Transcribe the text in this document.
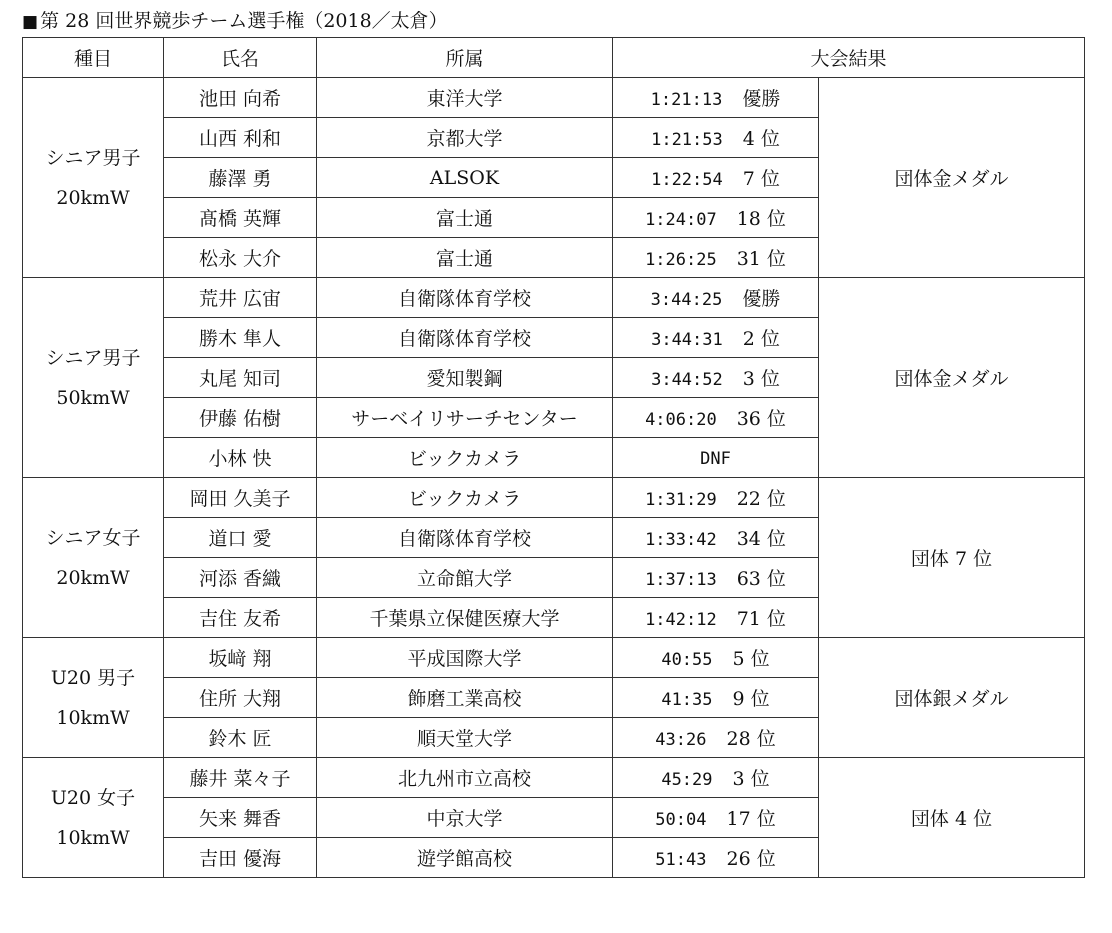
■ 第 28 回世界競歩チーム選手権（2018／太倉）
種目	氏名	所属	大会結果	

シニア男子
20kmW	池田 向希	東洋大学	1:21:13 優勝	団体金メダル
	山西 利和	京都大学	1:21:53 4 位	
	藤澤 勇	ALSOK	1:22:54 7 位	
	髙橋 英輝	富士通	1:24:07 18 位	
	松永 大介	富士通	1:26:25 31 位	

シニア男子
50kmW	荒井 広宙	自衛隊体育学校	3:44:25 優勝	団体金メダル
	勝木 隼人	自衛隊体育学校	3:44:31 2 位	
	丸尾 知司	愛知製鋼	3:44:52 3 位	
	伊藤 佑樹	サーベイリサーチセンター	4:06:20 36 位	
	小林 快	ビックカメラ	DNF	

シニア女子
20kmW	岡田 久美子	ビックカメラ	1:31:29 22 位	団体 7 位
	道口 愛	自衛隊体育学校	1:33:42 34 位	
	河添 香織	立命館大学	1:37:13 63 位	
	吉住 友希	千葉県立保健医療大学	1:42:12 71 位	

U20 男子
10kmW	坂﨑 翔	平成国際大学	40:55 5 位	団体銀メダル
	住所 大翔	飾磨工業高校	41:35 9 位	
	鈴木 匠	順天堂大学	43:26 28 位	

U20 女子
10kmW	藤井 菜々子	北九州市立高校	45:29 3 位	団体 4 位
	矢来 舞香	中京大学	50:04 17 位	
	吉田 優海	遊学館高校	51:43 26 位	
